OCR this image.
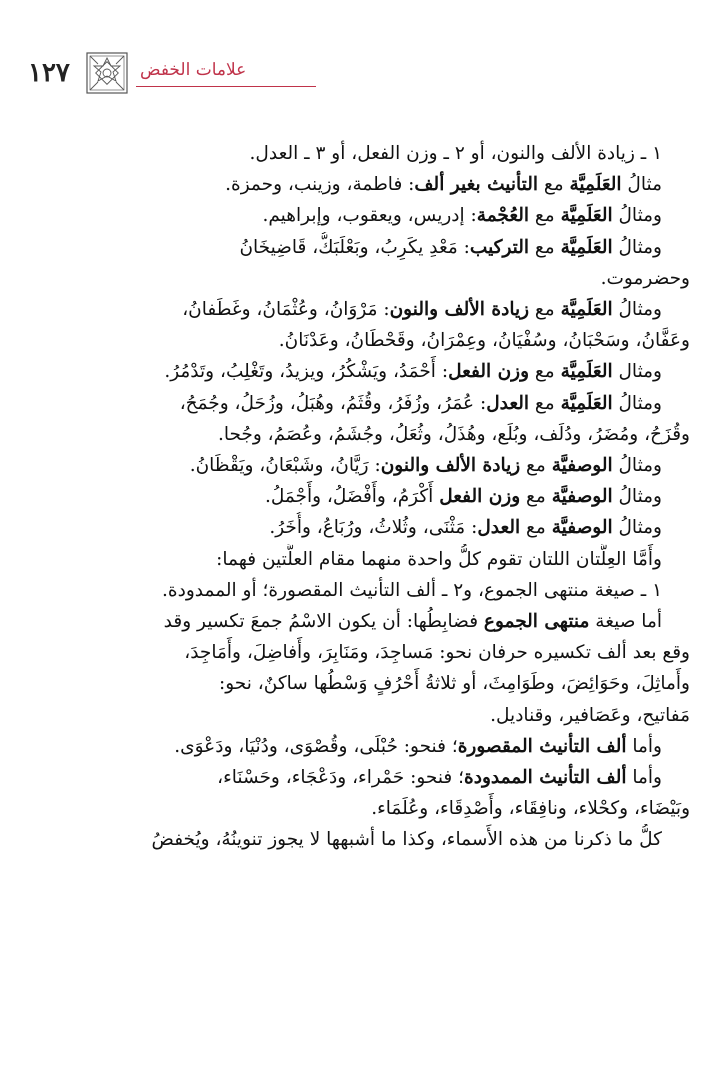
١٢٧	علامات الخفض

١ ـ زيادة الألف والنون، أو ٢ ـ وزن الفعل، أو ٣ ـ العدل.

مثالُ العَلَمِيَّة مع التأنيث بغير ألف: فاطمة، وزينب، وحمزة.

ومثالُ العَلَمِيَّة مع العُجْمة: إدريس، ويعقوب، وإبراهيم.

ومثالُ العَلَمِيَّة مع التركيب: مَعْدِ يكَرِبُ، وبَعْلَبَكُّ، قَاضِيخَانُ

وحضرموت.

ومثالُ العَلَمِيَّة مع زيادة الألف والنون: مَرْوَانُ، وعُثْمَانُ، وغَطَفانُ،

وعَفَّانُ، وسَحْبَانُ، وسُفْيَانُ، وعِمْرَانُ، وقَحْطَانُ، وعَدْنَانُ.

ومثال العَلَمِيَّة مع وزن الفعل: أَحْمَدُ، ويَشْكُرُ، ويزيدُ، وتَغْلِبُ، وتَدْمُرُ.

ومثالُ العَلَمِيَّة مع العدل: عُمَرُ، وزُفَرُ، وقُثَمُ، وهُبَلُ، وزُحَلُ، وجُمَحُ،

وقُزَحُ، ومُضَرُ، ودُلَف، وبُلَع، وهُذَلُ، وثُعَلُ، وجُشَمُ، وعُصَمُ، وجُحا.

ومثالُ الوصفيَّة مع زيادة الألف والنون: رَيَّانُ، وشَبْعَانُ، ويَقْظَانُ.

ومثالُ الوصفيَّة مع وزن الفعل أَكْرَمُ، وأَفْضَلُ، وأَجْمَلُ.

ومثالُ الوصفيَّة مع العدل: مَثْنَى، وثُلاثُ، ورُبَاعُ، وأُخَرُ.

وأَمَّا العِلَّتان اللتان تقوم كلُّ واحدة منهما مقام العلَّتين فهما:

١ ـ صيغة منتهى الجموع، و٢ ـ ألف التأنيث المقصورة؛ أو الممدودة.

أما صيغة منتهى الجموع فضابِطُها: أن يكون الاسْمُ جمعَ تكسير وقد

وقع بعد ألف تكسيره حرفان نحو: مَساجِدَ، ومَنَابِرَ، وأَفاضِلَ، وأَمَاجِدَ،

وأَماثِلَ، وحَوَائِضَ، وطَوَامِثَ، أو ثلاثةُ أَحْرُفٍ وَسْطُها ساكنٌ، نحو:

مَفاتيح، وعَصَافير، وقناديل.

وأما ألف التأنيث المقصورة؛ فنحو: حُبْلَى، وقُصْوَى، ودُنْيَا، ودَعْوَى.

وأما ألف التأنيث الممدودة؛ فنحو: حَمْراء، ودَعْجَاء، وحَسْنَاء،

وبَيْضَاء، وكحْلاء، ونافِقَاء، وأَصْدِقَاء، وعُلَمَاء.

كلُّ ما ذكرنا من هذه الأَسماء، وكذا ما أشبهها لا يجوز تنوينُهُ، ويُخفضُ
